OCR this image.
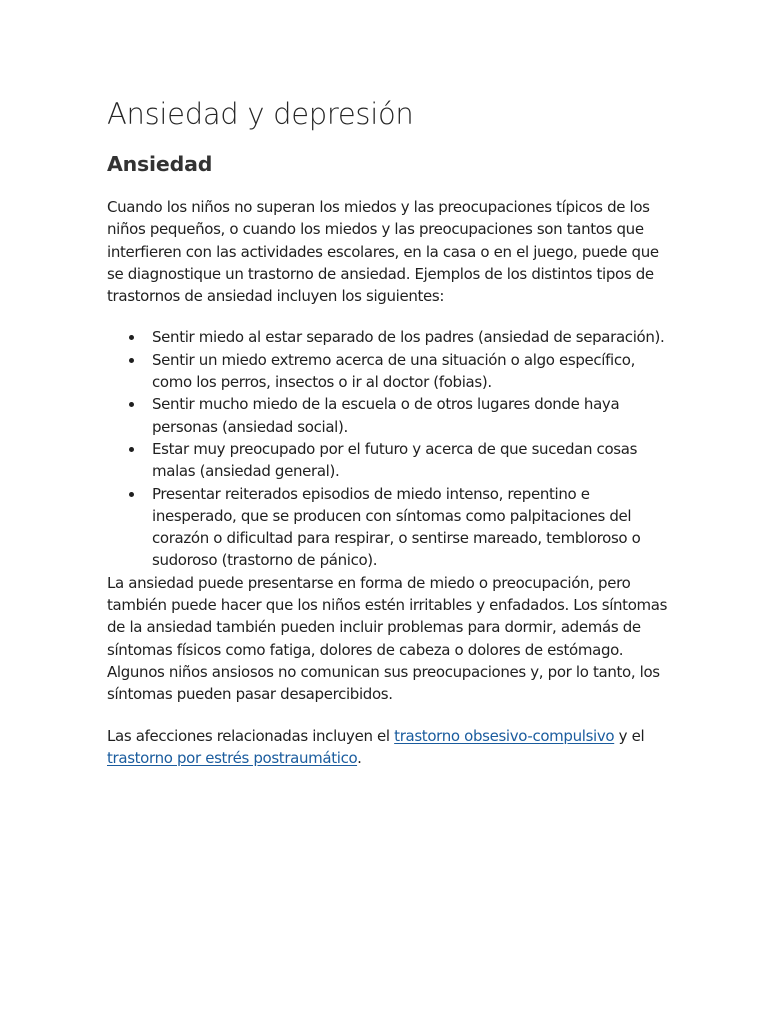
Ansiedad y depresión
Ansiedad

Cuando los niños no superan los miedos y las preocupaciones típicos de los niños pequeños, o cuando los miedos y las preocupaciones son tantos que interfieren con las actividades escolares, en la casa o en el juego, puede que se diagnostique un trastorno de ansiedad. Ejemplos de los distintos tipos de trastornos de ansiedad incluyen los siguientes:

Sentir miedo al estar separado de los padres (ansiedad de separación).
Sentir un miedo extremo acerca de una situación o algo específico, como los perros, insectos o ir al doctor (fobias).
Sentir mucho miedo de la escuela o de otros lugares donde haya personas (ansiedad social).
Estar muy preocupado por el futuro y acerca de que sucedan cosas malas (ansiedad general).
Presentar reiterados episodios de miedo intenso, repentino e inesperado, que se producen con síntomas como palpitaciones del corazón o dificultad para respirar, o sentirse mareado, tembloroso o sudoroso (trastorno de pánico).

La ansiedad puede presentarse en forma de miedo o preocupación, pero también puede hacer que los niños estén irritables y enfadados. Los síntomas de la ansiedad también pueden incluir problemas para dormir, además de síntomas físicos como fatiga, dolores de cabeza o dolores de estómago. Algunos niños ansiosos no comunican sus preocupaciones y, por lo tanto, los síntomas pueden pasar desapercibidos.

Las afecciones relacionadas incluyen el trastorno obsesivo-compulsivo y el trastorno por estrés postraumático.
